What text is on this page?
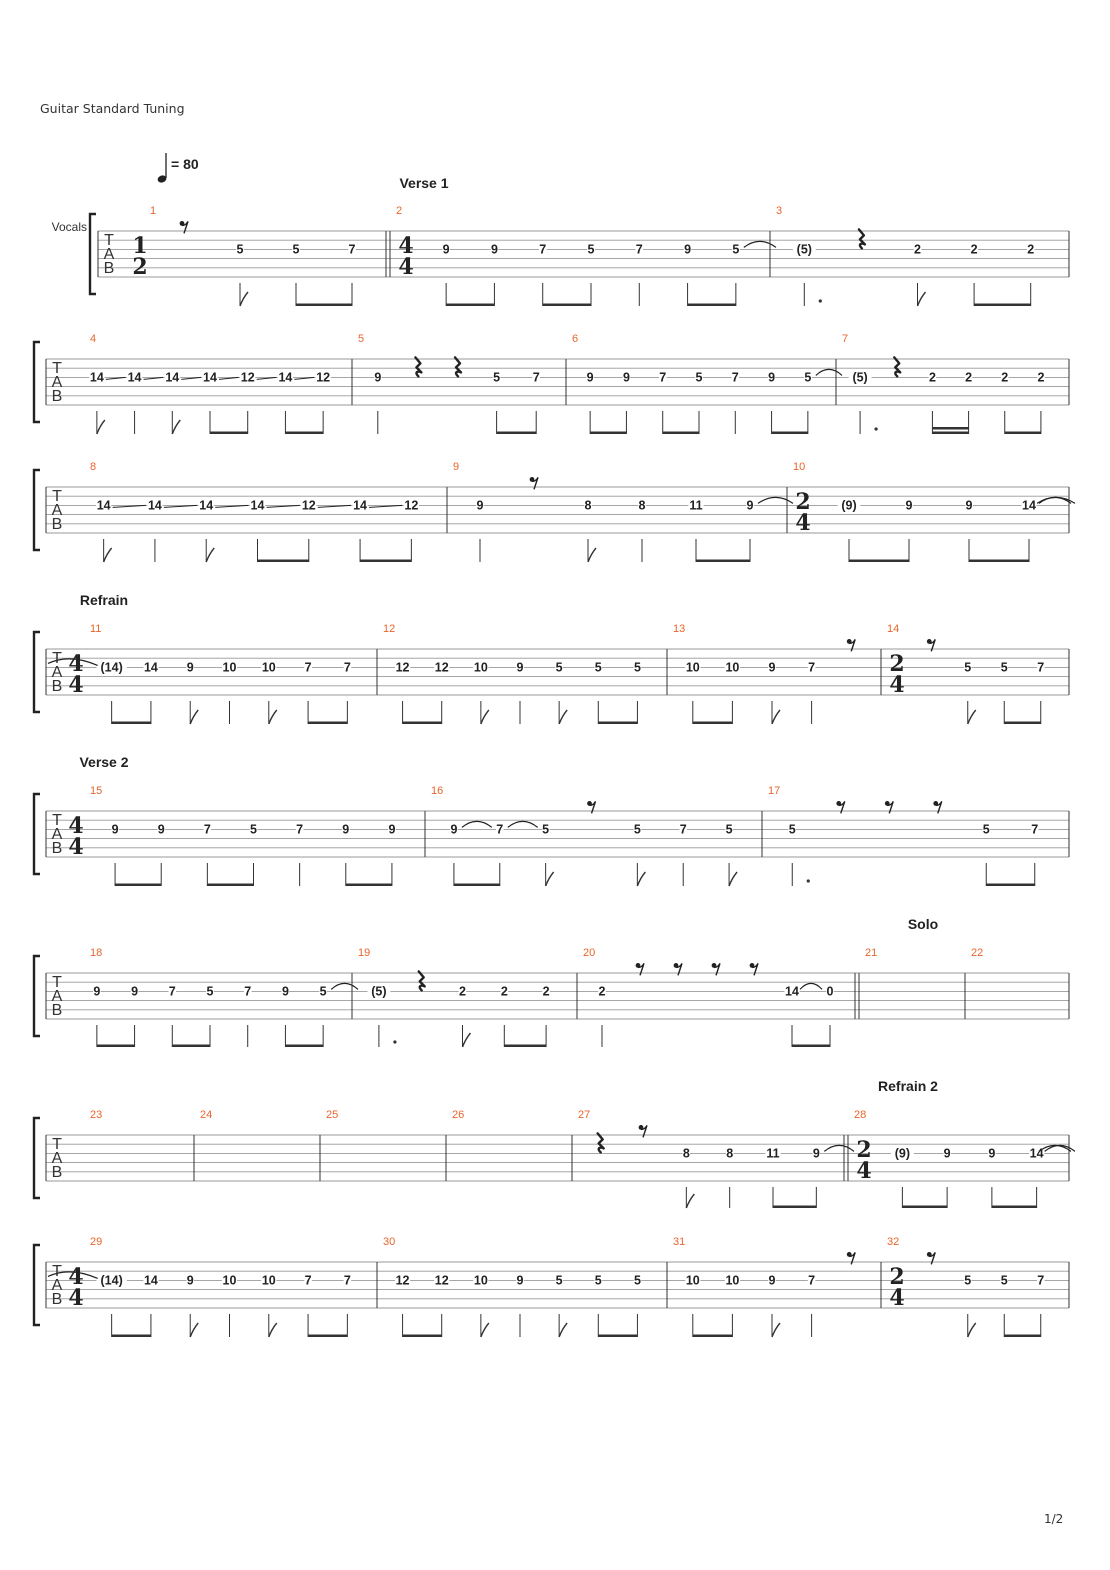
Guitar Standard Tuning
T
A
B
Vocals
= 80
1
1
2
5	5	7
2
4
4
9	9	7	5	7	9	5
3
(5)	2	2	2
Verse 1
T
A
B
4
14 14 14 14 12 14 12
5
9	5	7
6
9 9 7 5 7 9 5
7
(5)	2 2 2 2
T
A
B
8
14	14	14	14	12	14	12
9
9	8	8	11	9
10
2
4
(9)	9	9	14
T
A
B
11
4
4
(14) 14 9 10 10 7	7
12
12 12 10 9	5	5	5
13
10 10 9	7
14
2
4
5 5 7
Refrain
T
A
B
15
4
4
9	9	7	5	7	9	9
16
9	7	5	5	7	5
17
5	5	7
Verse 2
T
A
B
18
9 9 7 5 7 9 5
19
(5)	2	2	2
20
2	14 0
21	22
Solo
T
A
B
23	24	25	26	27
8	8	11	9
28
2
4
(9)	9	9	14
Refrain 2
T
A
B
29
4
4
(14) 14 9 10 10 7	7
30
12 12 10 9	5	5	5
31
10 10 9	7
32
2
4
5 5 7
1/2
